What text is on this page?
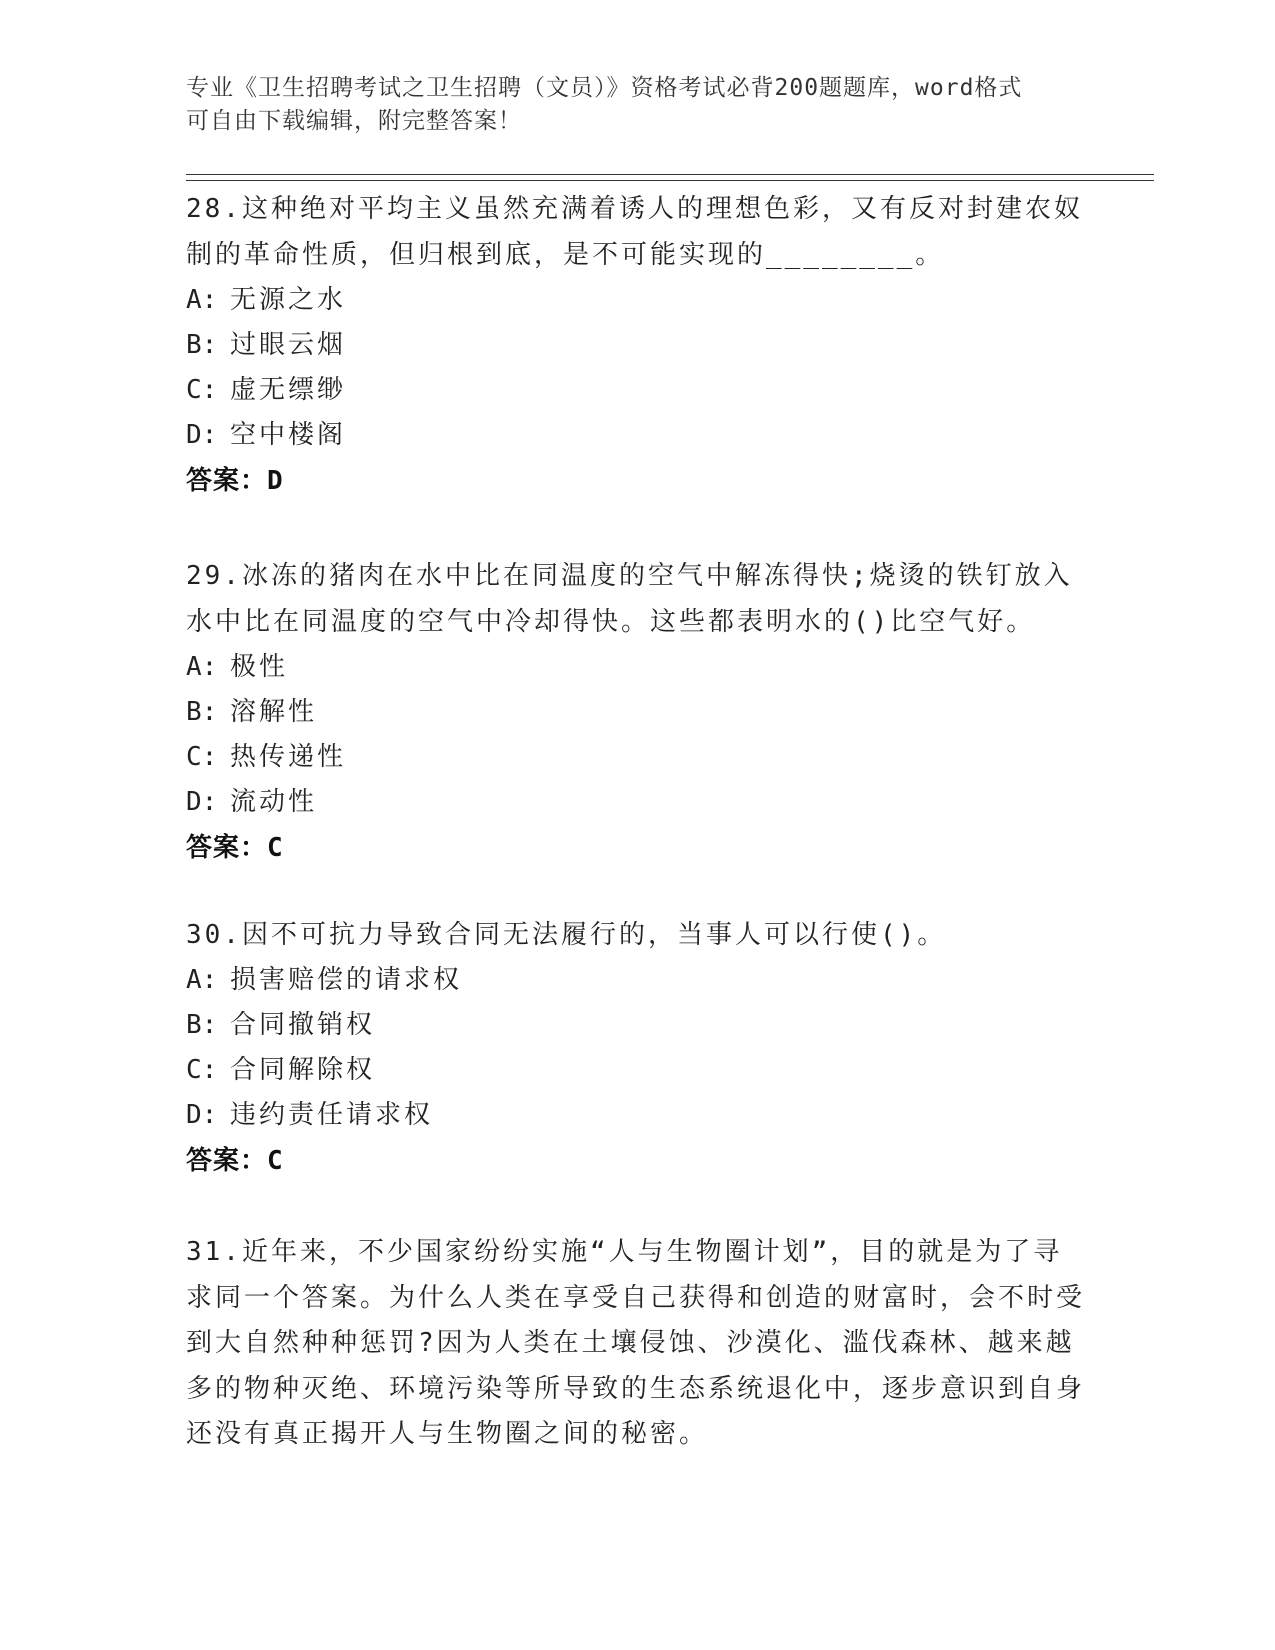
专业《卫生招聘考试之卫生招聘（文员）》资格考试必背200题题库，word格式
可自由下载编辑，附完整答案！

28.这种绝对平均主义虽然充满着诱人的理想色彩，又有反对封建农奴制的革命性质，但归根到底，是不可能实现的________。

A: 无源之水
B: 过眼云烟
C: 虚无缥缈
D: 空中楼阁
答案：D

29.冰冻的猪肉在水中比在同温度的空气中解冻得快;烧烫的铁钉放入水中比在同温度的空气中冷却得快。这些都表明水的()比空气好。

A: 极性
B: 溶解性
C: 热传递性
D: 流动性
答案：C

30.因不可抗力导致合同无法履行的，当事人可以行使()。

A: 损害赔偿的请求权
B: 合同撤销权
C: 合同解除权
D: 违约责任请求权
答案：C

31.近年来，不少国家纷纷实施“人与生物圈计划”，目的就是为了寻求同一个答案。为什么人类在享受自己获得和创造的财富时，会不时受到大自然种种惩罚?因为人类在土壤侵蚀、沙漠化、滥伐森林、越来越多的物种灭绝、环境污染等所导致的生态系统退化中，逐步意识到自身还没有真正揭开人与生物圈之间的秘密。
